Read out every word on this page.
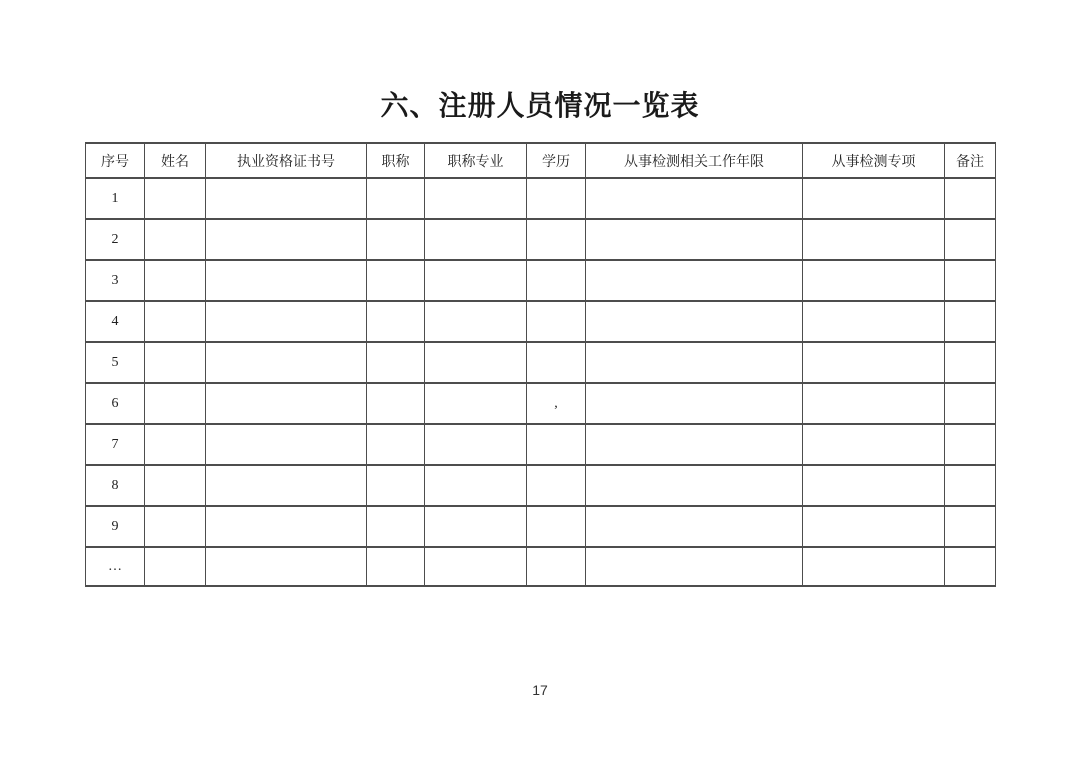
六、注册人员情况一览表
序号	姓名	执业资格证书号	职称	职称专业	学历	从事检测相关工作年限	从事检测专项	备注
1								
2								
3								
4								
5								
6					,			
7								
8								
9								
…								
17
